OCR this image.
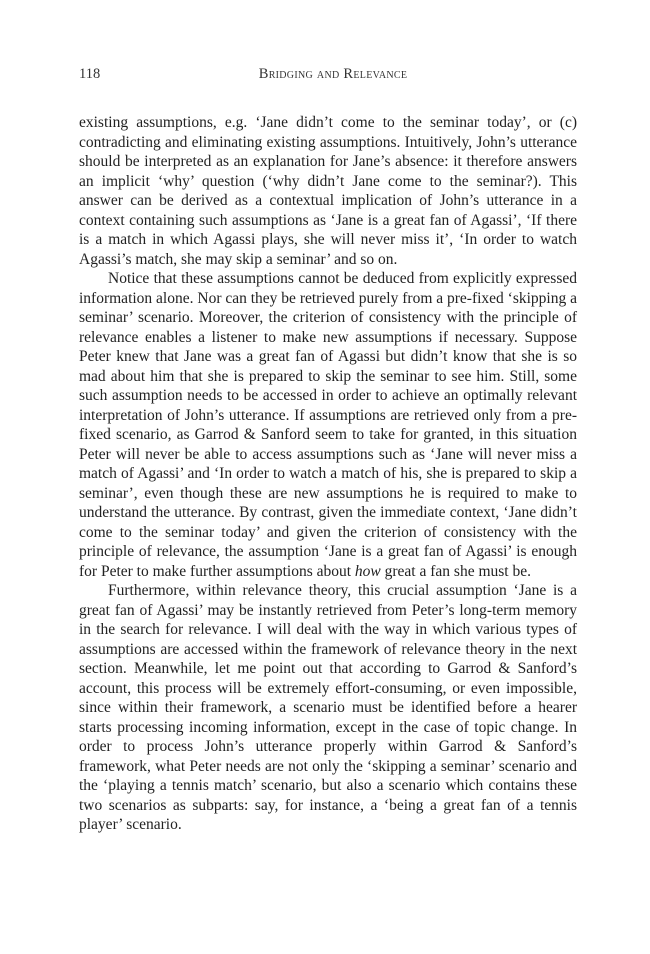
118	Bridging and Relevance

existing assumptions, e.g. ‘Jane didn’t come to the seminar today’, or (c) contradicting and eliminating existing assumptions. Intuitively, John’s utterance should be interpreted as an explanation for Jane’s absence: it therefore answers an implicit ‘why’ question (‘why didn’t Jane come to the seminar?). This answer can be derived as a contextual implication of John’s utterance in a context containing such assumptions as ‘Jane is a great fan of Agassi’, ‘If there is a match in which Agassi plays, she will never miss it’, ‘In order to watch Agassi’s match, she may skip a seminar’ and so on.

Notice that these assumptions cannot be deduced from explicitly expressed information alone. Nor can they be retrieved purely from a pre-fixed ‘skipping a seminar’ scenario. Moreover, the criterion of consistency with the principle of relevance enables a listener to make new assumptions if necessary. Suppose Peter knew that Jane was a great fan of Agassi but didn’t know that she is so mad about him that she is prepared to skip the seminar to see him. Still, some such assumption needs to be accessed in order to achieve an optimally relevant interpretation of John’s utterance. If assumptions are retrieved only from a pre-fixed scenario, as Garrod & Sanford seem to take for granted, in this situation Peter will never be able to access assumptions such as ‘Jane will never miss a match of Agassi’ and ‘In order to watch a match of his, she is prepared to skip a seminar’, even though these are new assumptions he is required to make to understand the utterance. By contrast, given the immediate context, ‘Jane didn’t come to the seminar today’ and given the criterion of consistency with the principle of relevance, the assumption ‘Jane is a great fan of Agassi’ is enough for Peter to make further assumptions about how great a fan she must be.

Furthermore, within relevance theory, this crucial assumption ‘Jane is a great fan of Agassi’ may be instantly retrieved from Peter’s long-term memory in the search for relevance. I will deal with the way in which various types of assumptions are accessed within the framework of relevance theory in the next section. Meanwhile, let me point out that according to Garrod & Sanford’s account, this process will be extremely effort-consuming, or even impossible, since within their framework, a scenario must be identified before a hearer starts processing incoming information, except in the case of topic change. In order to process John’s utterance properly within Garrod & Sanford’s framework, what Peter needs are not only the ‘skipping a seminar’ scenario and the ‘playing a tennis match’ scenario, but also a scenario which contains these two scenarios as subparts: say, for instance, a ‘being a great fan of a tennis player’ scenario.
